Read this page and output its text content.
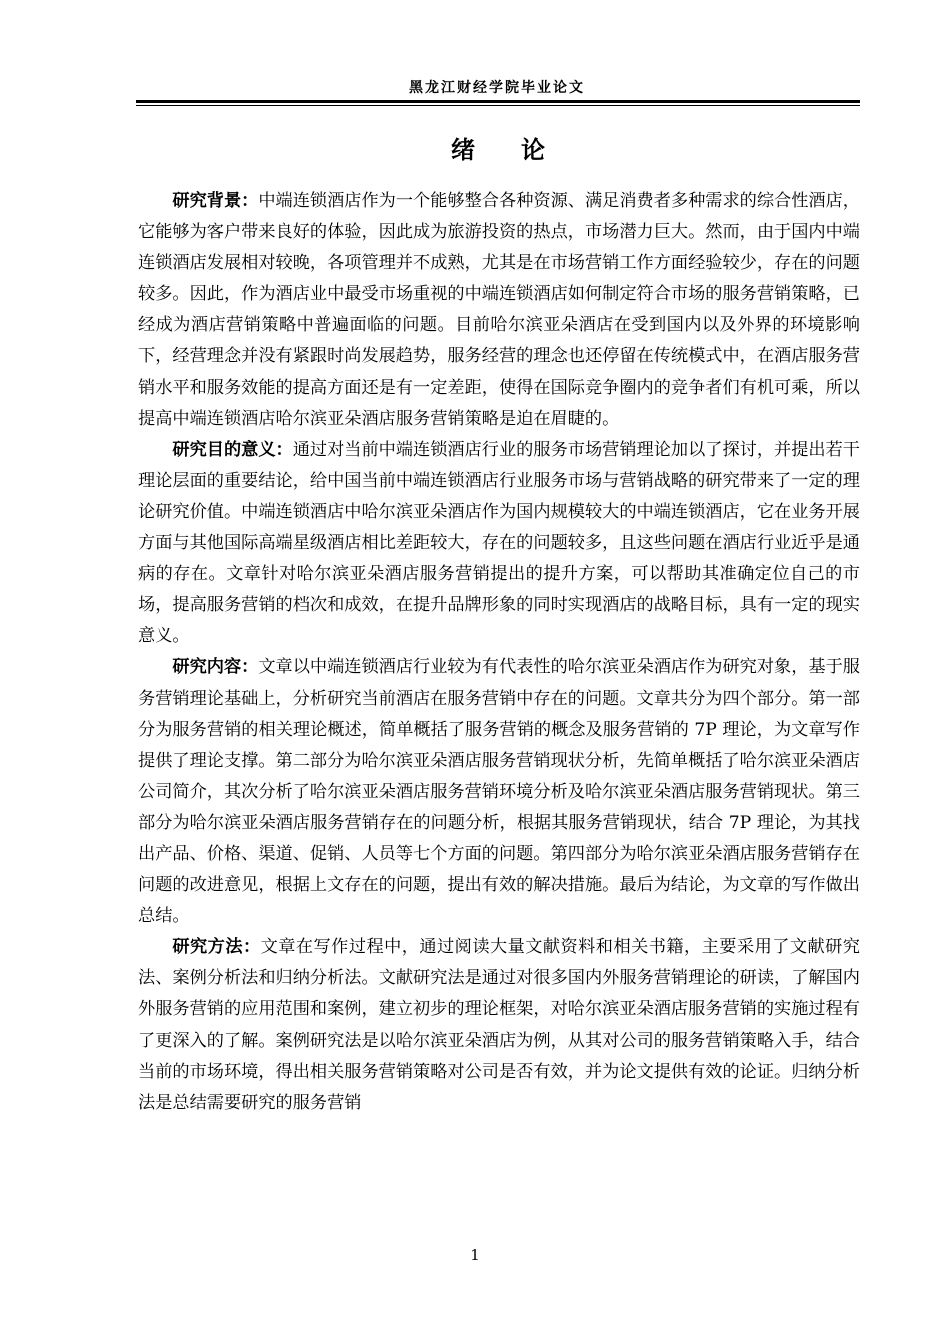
黑龙江财经学院毕业论文
绪论

研究背景：中端连锁酒店作为一个能够整合各种资源、满足消费者多种需求的综合性酒店，它能够为客户带来良好的体验，因此成为旅游投资的热点，市场潜力巨大。然而，由于国内中端连锁酒店发展相对较晚，各项管理并不成熟，尤其是在市场营销工作方面经验较少，存在的问题较多。因此，作为酒店业中最受市场重视的中端连锁酒店如何制定符合市场的服务营销策略，已经成为酒店营销策略中普遍面临的问题。目前哈尔滨亚朵酒店在受到国内以及外界的环境影响下，经营理念并没有紧跟时尚发展趋势，服务经营的理念也还停留在传统模式中，在酒店服务营销水平和服务效能的提高方面还是有一定差距，使得在国际竞争圈内的竞争者们有机可乘，所以提高中端连锁酒店哈尔滨亚朵酒店服务营销策略是迫在眉睫的。

研究目的意义：通过对当前中端连锁酒店行业的服务市场营销理论加以了探讨，并提出若干理论层面的重要结论，给中国当前中端连锁酒店行业服务市场与营销战略的研究带来了一定的理论研究价值。中端连锁酒店中哈尔滨亚朵酒店作为国内规模较大的中端连锁酒店，它在业务开展方面与其他国际高端星级酒店相比差距较大，存在的问题较多，且这些问题在酒店行业近乎是通病的存在。文章针对哈尔滨亚朵酒店服务营销提出的提升方案，可以帮助其准确定位自己的市场，提高服务营销的档次和成效，在提升品牌形象的同时实现酒店的战略目标，具有一定的现实意义。

研究内容：文章以中端连锁酒店行业较为有代表性的哈尔滨亚朵酒店作为研究对象，基于服务营销理论基础上，分析研究当前酒店在服务营销中存在的问题。文章共分为四个部分。第一部分为服务营销的相关理论概述，简单概括了服务营销的概念及服务营销的 7P 理论，为文章写作提供了理论支撑。第二部分为哈尔滨亚朵酒店服务营销现状分析，先简单概括了哈尔滨亚朵酒店公司简介，其次分析了哈尔滨亚朵酒店服务营销环境分析及哈尔滨亚朵酒店服务营销现状。第三部分为哈尔滨亚朵酒店服务营销存在的问题分析，根据其服务营销现状，结合 7P 理论，为其找出产品、价格、渠道、促销、人员等七个方面的问题。第四部分为哈尔滨亚朵酒店服务营销存在问题的改进意见，根据上文存在的问题，提出有效的解决措施。最后为结论，为文章的写作做出总结。

研究方法：文章在写作过程中，通过阅读大量文献资料和相关书籍，主要采用了文献研究法、案例分析法和归纳分析法。文献研究法是通过对很多国内外服务营销理论的研读，了解国内外服务营销的应用范围和案例，建立初步的理论框架，对哈尔滨亚朵酒店服务营销的实施过程有了更深入的了解。案例研究法是以哈尔滨亚朵酒店为例，从其对公司的服务营销策略入手，结合当前的市场环境，得出相关服务营销策略对公司是否有效，并为论文提供有效的论证。归纳分析法是总结需要研究的服务营销

1
